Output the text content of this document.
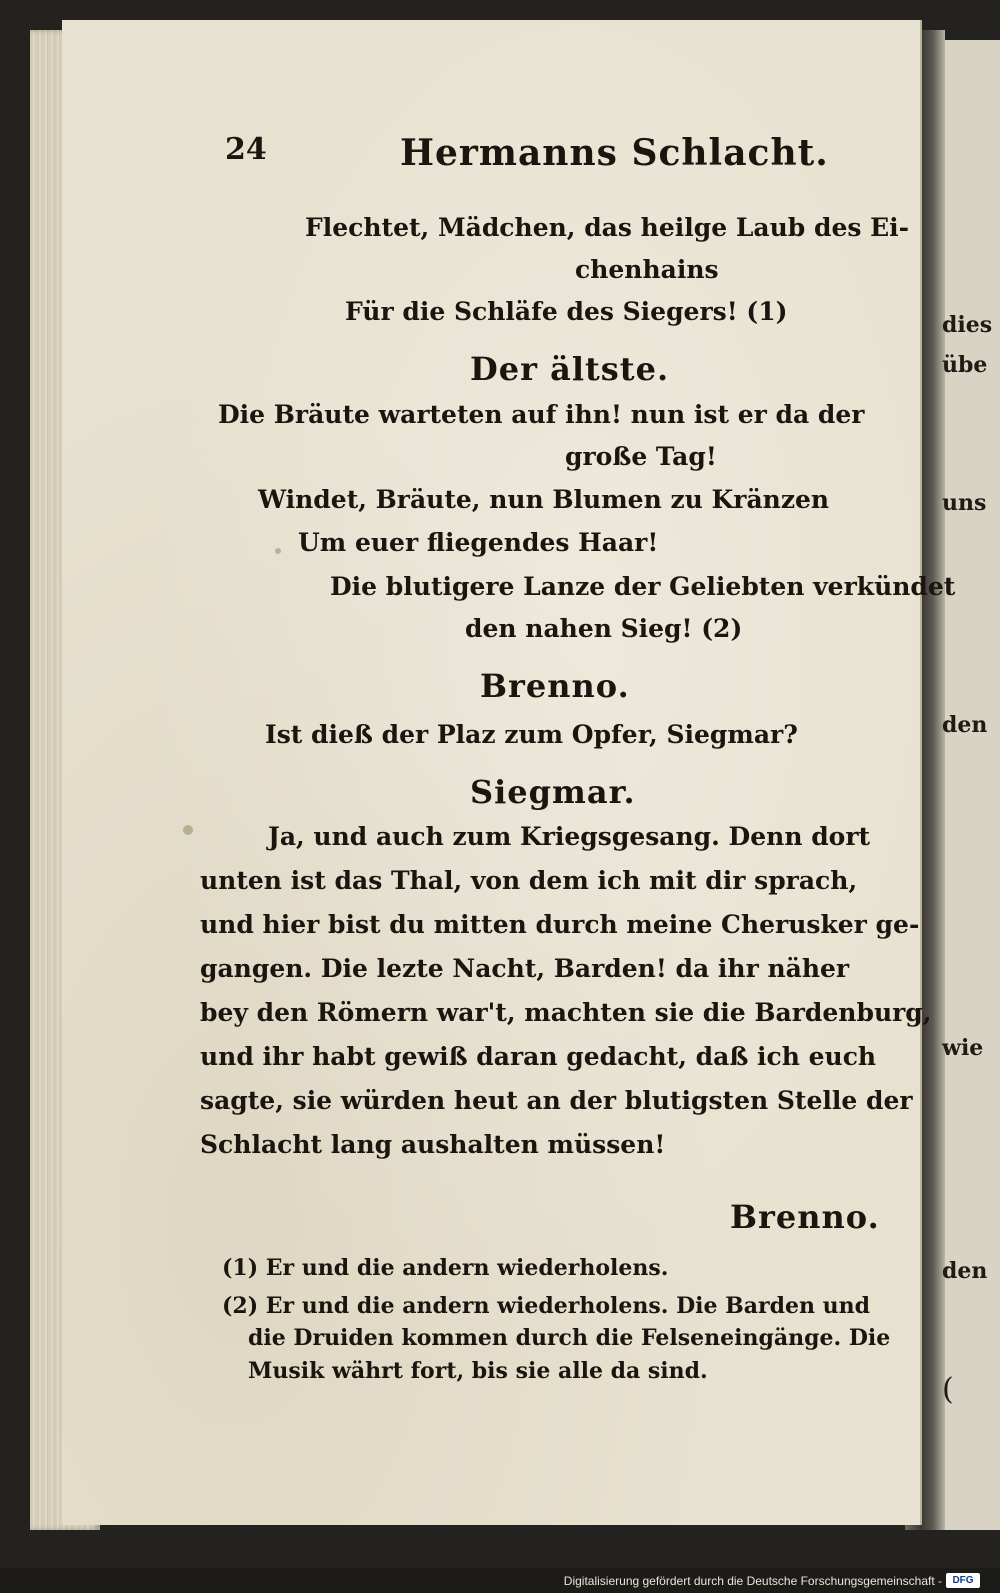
24	Hermanns Schlacht.
Flechtet, Mädchen, das heilge Laub des Ei-
chenhains
Für die Schläfe des Siegers! (1)
Der ältste.
Die Bräute warteten auf ihn! nun ist er da der
große Tag!
Windet, Bräute, nun Blumen zu Kränzen
Um euer fliegendes Haar!
Die blutigere Lanze der Geliebten verkündet
den nahen Sieg! (2)
Brenno.
Ist dieß der Plaz zum Opfer, Siegmar?
Siegmar.
Ja, und auch zum Kriegsgesang. Denn dort
unten ist das Thal, von dem ich mit dir sprach,
und hier bist du mitten durch meine Cherusker ge-
gangen. Die lezte Nacht, Barden! da ihr näher
bey den Römern war't, machten sie die Bardenburg,
und ihr habt gewiß daran gedacht, daß ich euch
sagte, sie würden heut an der blutigsten Stelle der
Schlacht lang aushalten müssen!
Brenno.
(1) Er und die andern wiederholens.
(2) Er und die andern wiederholens. Die Barden und
die Druiden kommen durch die Felseneingänge. Die
Musik währt fort, bis sie alle da sind.
dies
übe
uns
den
wie
den
(
Digitalisierung gefördert durch die Deutsche Forschungsgemeinschaft -	DFG
